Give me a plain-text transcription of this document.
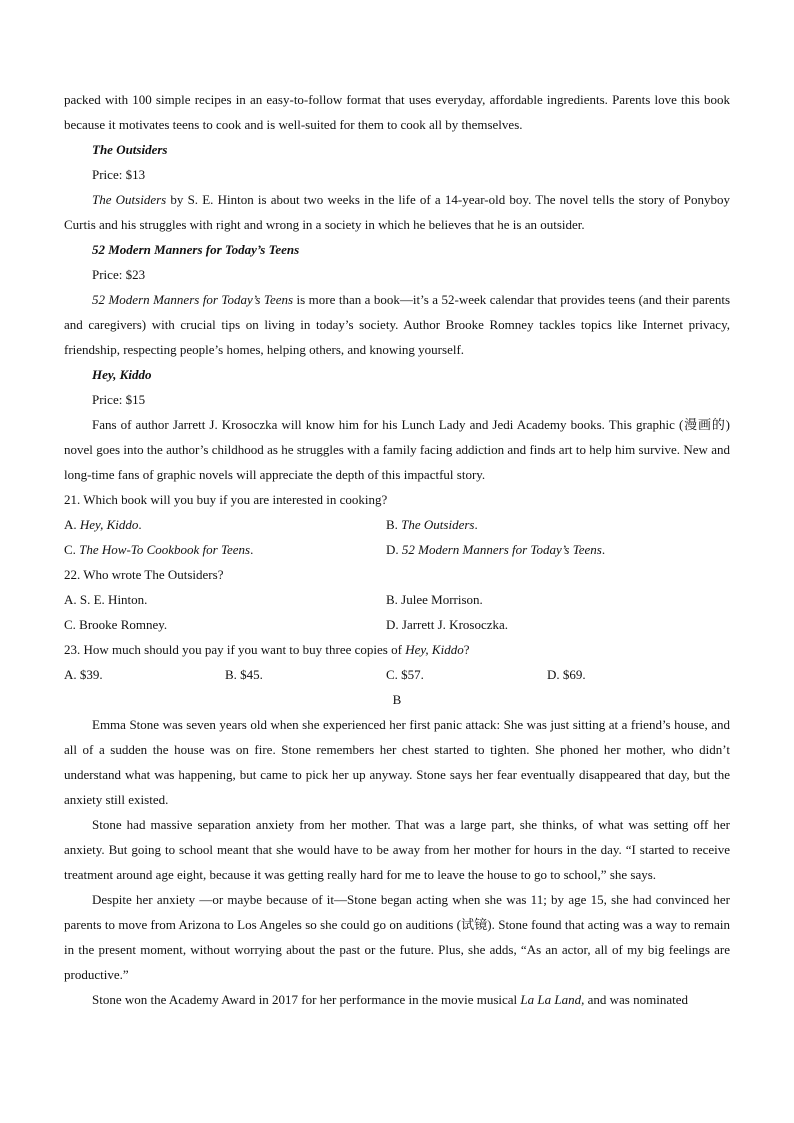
packed with 100 simple recipes in an easy-to-follow format that uses everyday, affordable ingredients. Parents love this book because it motivates teens to cook and is well-suited for them to cook all by themselves.

The Outsiders

Price: $13

The Outsiders by S. E. Hinton is about two weeks in the life of a 14-year-old boy. The novel tells the story of Ponyboy Curtis and his struggles with right and wrong in a society in which he believes that he is an outsider.

52 Modern Manners for Today’s Teens

Price: $23

52 Modern Manners for Today’s Teens is more than a book—it’s a 52-week calendar that provides teens (and their parents and caregivers) with crucial tips on living in today’s society. Author Brooke Romney tackles topics like Internet privacy, friendship, respecting people’s homes, helping others, and knowing yourself.

Hey, Kiddo

Price: $15

Fans of author Jarrett J. Krosoczka will know him for his Lunch Lady and Jedi Academy books. This graphic (漫画的) novel goes into the author’s childhood as he struggles with a family facing addiction and finds art to help him survive. New and long-time fans of graphic novels will appreciate the depth of this impactful story.

21. Which book will you buy if you are interested in cooking?

A. Hey, Kiddo.	B. The Outsiders.
C. The How-To Cookbook for Teens.	D. 52 Modern Manners for Today’s Teens.

22. Who wrote The Outsiders?

A. S. E. Hinton.	B. Julee Morrison.
C. Brooke Romney.	D. Jarrett J. Krosoczka.

23. How much should you pay if you want to buy three copies of Hey, Kiddo?

A. $39.	B. $45.	C. $57.	D. $69.

B

Emma Stone was seven years old when she experienced her first panic attack: She was just sitting at a friend’s house, and all of a sudden the house was on fire. Stone remembers her chest started to tighten. She phoned her mother, who didn’t understand what was happening, but came to pick her up anyway. Stone says her fear eventually disappeared that day, but the anxiety still existed.

Stone had massive separation anxiety from her mother. That was a large part, she thinks, of what was setting off her anxiety. But going to school meant that she would have to be away from her mother for hours in the day. “I started to receive treatment around age eight, because it was getting really hard for me to leave the house to go to school,” she says.

Despite her anxiety —or maybe because of it—Stone began acting when she was 11; by age 15, she had convinced her parents to move from Arizona to Los Angeles so she could go on auditions (试镜). Stone found that acting was a way to remain in the present moment, without worrying about the past or the future. Plus, she adds, “As an actor, all of my big feelings are productive.”

Stone won the Academy Award in 2017 for her performance in the movie musical La La Land, and was nominated
